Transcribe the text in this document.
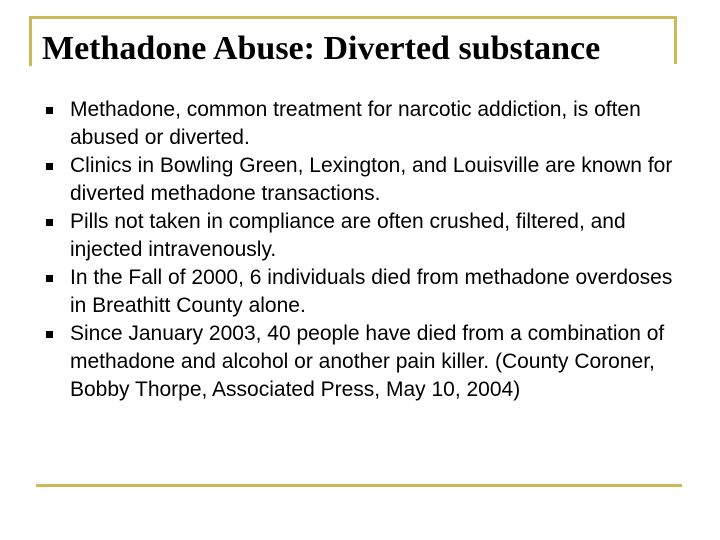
Methadone Abuse: Diverted substance
Methadone, common treatment for narcotic addiction, is often abused or diverted.
Clinics in Bowling Green, Lexington, and Louisville are known for diverted methadone transactions.
Pills not taken in compliance are often crushed, filtered, and injected intravenously.
In the Fall of 2000, 6 individuals died from methadone overdoses in Breathitt County alone.
Since January 2003, 40 people have died from a combination of methadone and alcohol or another pain killer. (County Coroner, Bobby Thorpe, Associated Press, May 10, 2004)
